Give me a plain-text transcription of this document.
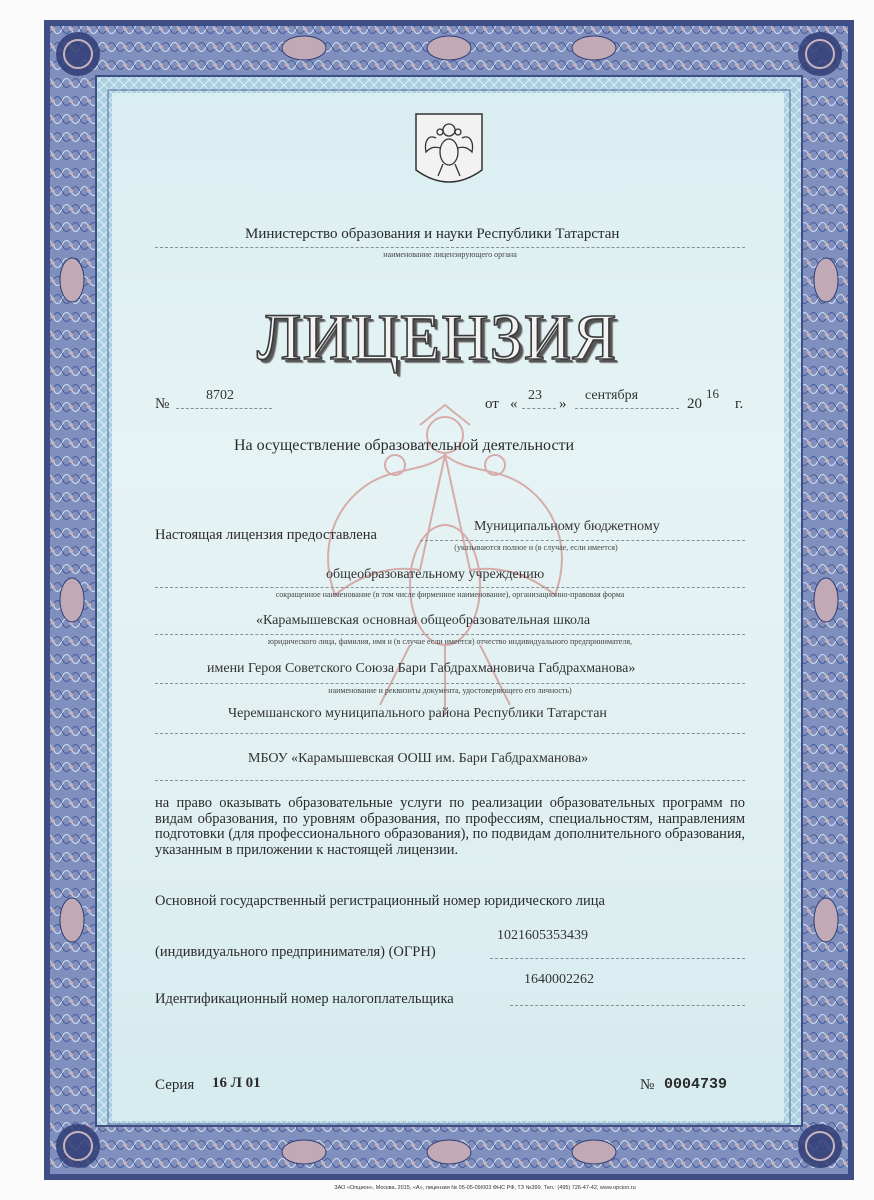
Министерство образования и науки Республики Татарстан
наименование лицензирующего органа
ЛИЦЕНЗИЯ
№
8702
от «
23
»
сентября
20
16
г.
На осуществление образовательной деятельности
Настоящая лицензия предоставлена
Муниципальному бюджетному
(указываются полное и (в случае, если имеется)
общеобразовательному учреждению
сокращенное наименование (в том числе фирменное наименование), организационно-правовая форма
«Карамышевская основная общеобразовательная школа
юридического лица, фамилия, имя и (в случае если имеется) отчество индивидуального предпринимателя,
имени Героя Советского Союза Бари Габдрахмановича Габдрахманова»
наименование и реквизиты документа, удостоверяющего его личность)
Черемшанского муниципального района Республики Татарстан
МБОУ «Карамышевская ООШ им. Бари Габдрахманова»
на право оказывать образовательные услуги по реализации образовательных программ по видам образования, по уровням образования, по профессиям, специальностям, направлениям подготовки (для профессионального образования), по подвидам дополнительного образования, указанным в приложении к настоящей лицензии.
Основной государственный регистрационный номер юридического лица
(индивидуального предпринимателя) (ОГРН)
1021605353439
Идентификационный номер налогоплательщика
1640002262
Серия 16 Л 01	№ 0004739
ЗАО «Опцион», Москва, 2015, «А», лицензия № 05-05-09/003 ФНС РФ, ТЗ №399. Тел.: (495) 726-47-42, www.opcion.ru
